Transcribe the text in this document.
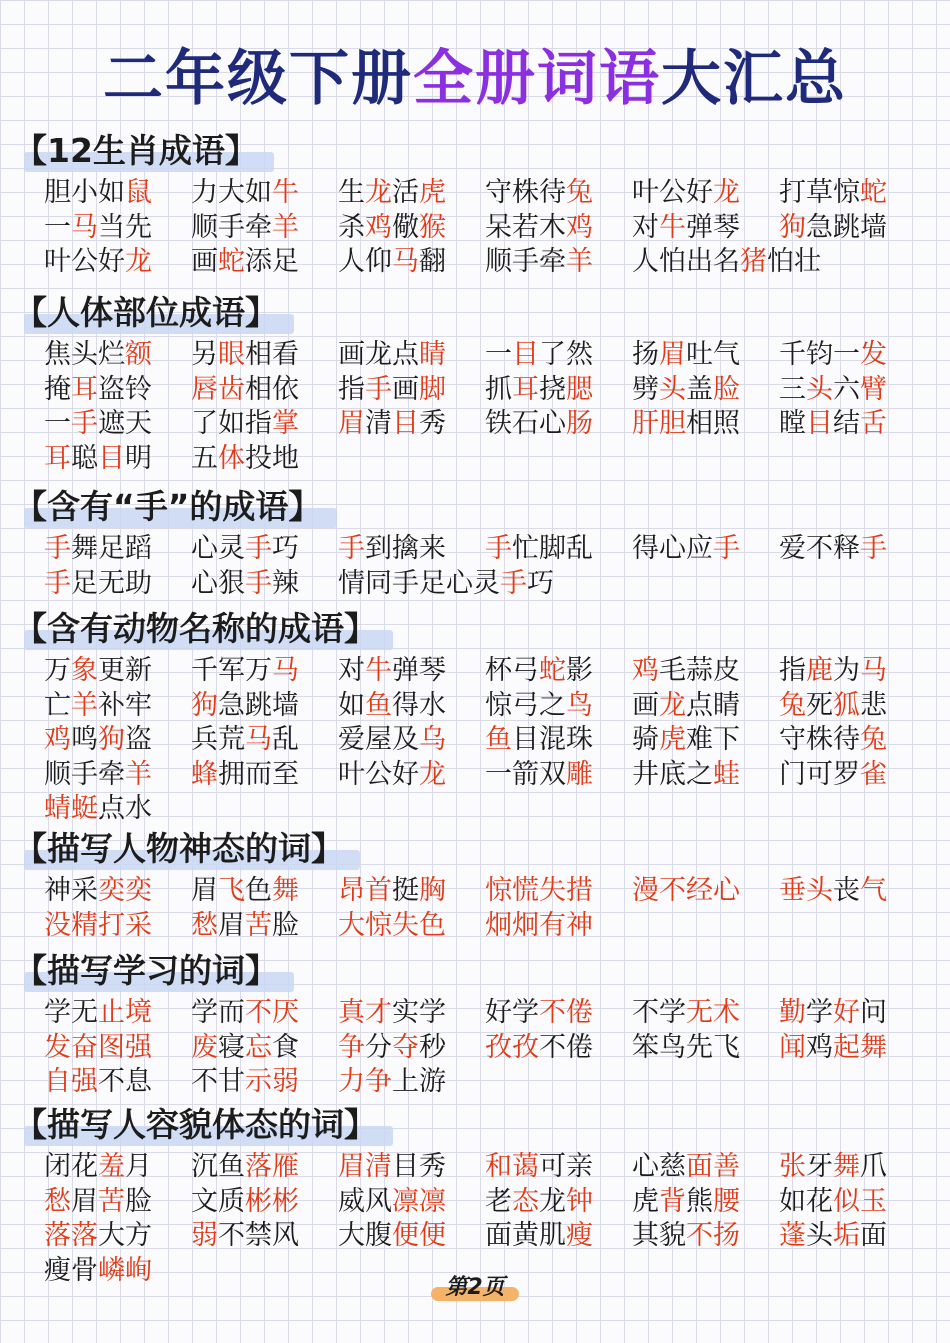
二年级下册全册词语大汇总
【12生肖成语】
胆小如鼠 力大如牛 生龙活虎 守株待兔 叶公好龙 打草惊蛇
一马当先 顺手牵羊 杀鸡儆猴 呆若木鸡 对牛弹琴 狗急跳墙
叶公好龙 画蛇添足 人仰马翻 顺手牵羊 人怕出名猪怕壮
【人体部位成语】
焦头烂额 另眼相看 画龙点睛 一目了然 扬眉吐气 千钧一发
掩耳盗铃 唇齿相依 指手画脚 抓耳挠腮 劈头盖脸 三头六臂
一手遮天 了如指掌 眉清目秀 铁石心肠 肝胆相照 瞠目结舌
耳聪目明 五体投地
【含有“手”的成语】
手舞足蹈 心灵手巧 手到擒来 手忙脚乱 得心应手 爱不释手
手足无助 心狠手辣 情同手足心灵手巧
【含有动物名称的成语】
万象更新 千军万马 对牛弹琴 杯弓蛇影 鸡毛蒜皮 指鹿为马
亡羊补牢 狗急跳墙 如鱼得水 惊弓之鸟 画龙点睛 兔死狐悲
鸡鸣狗盗 兵荒马乱 爱屋及乌 鱼目混珠 骑虎难下 守株待兔
顺手牵羊 蜂拥而至 叶公好龙 一箭双雕 井底之蛙 门可罗雀
蜻蜓点水
【描写人物神态的词】
神采奕奕 眉飞色舞 昂首挺胸 惊慌失措 漫不经心 垂头丧气
没精打采 愁眉苦脸 大惊失色 炯炯有神
【描写学习的词】
学无止境 学而不厌 真才实学 好学不倦 不学无术 勤学好问
发奋图强 废寝忘食 争分夺秒 孜孜不倦 笨鸟先飞 闻鸡起舞
自强不息 不甘示弱 力争上游
【描写人容貌体态的词】
闭花羞月 沉鱼落雁 眉清目秀 和蔼可亲 心慈面善 张牙舞爪
愁眉苦脸 文质彬彬 威风凛凛 老态龙钟 虎背熊腰 如花似玉
落落大方 弱不禁风 大腹便便 面黄肌瘦 其貌不扬 蓬头垢面
瘦骨嶙峋
第2页
